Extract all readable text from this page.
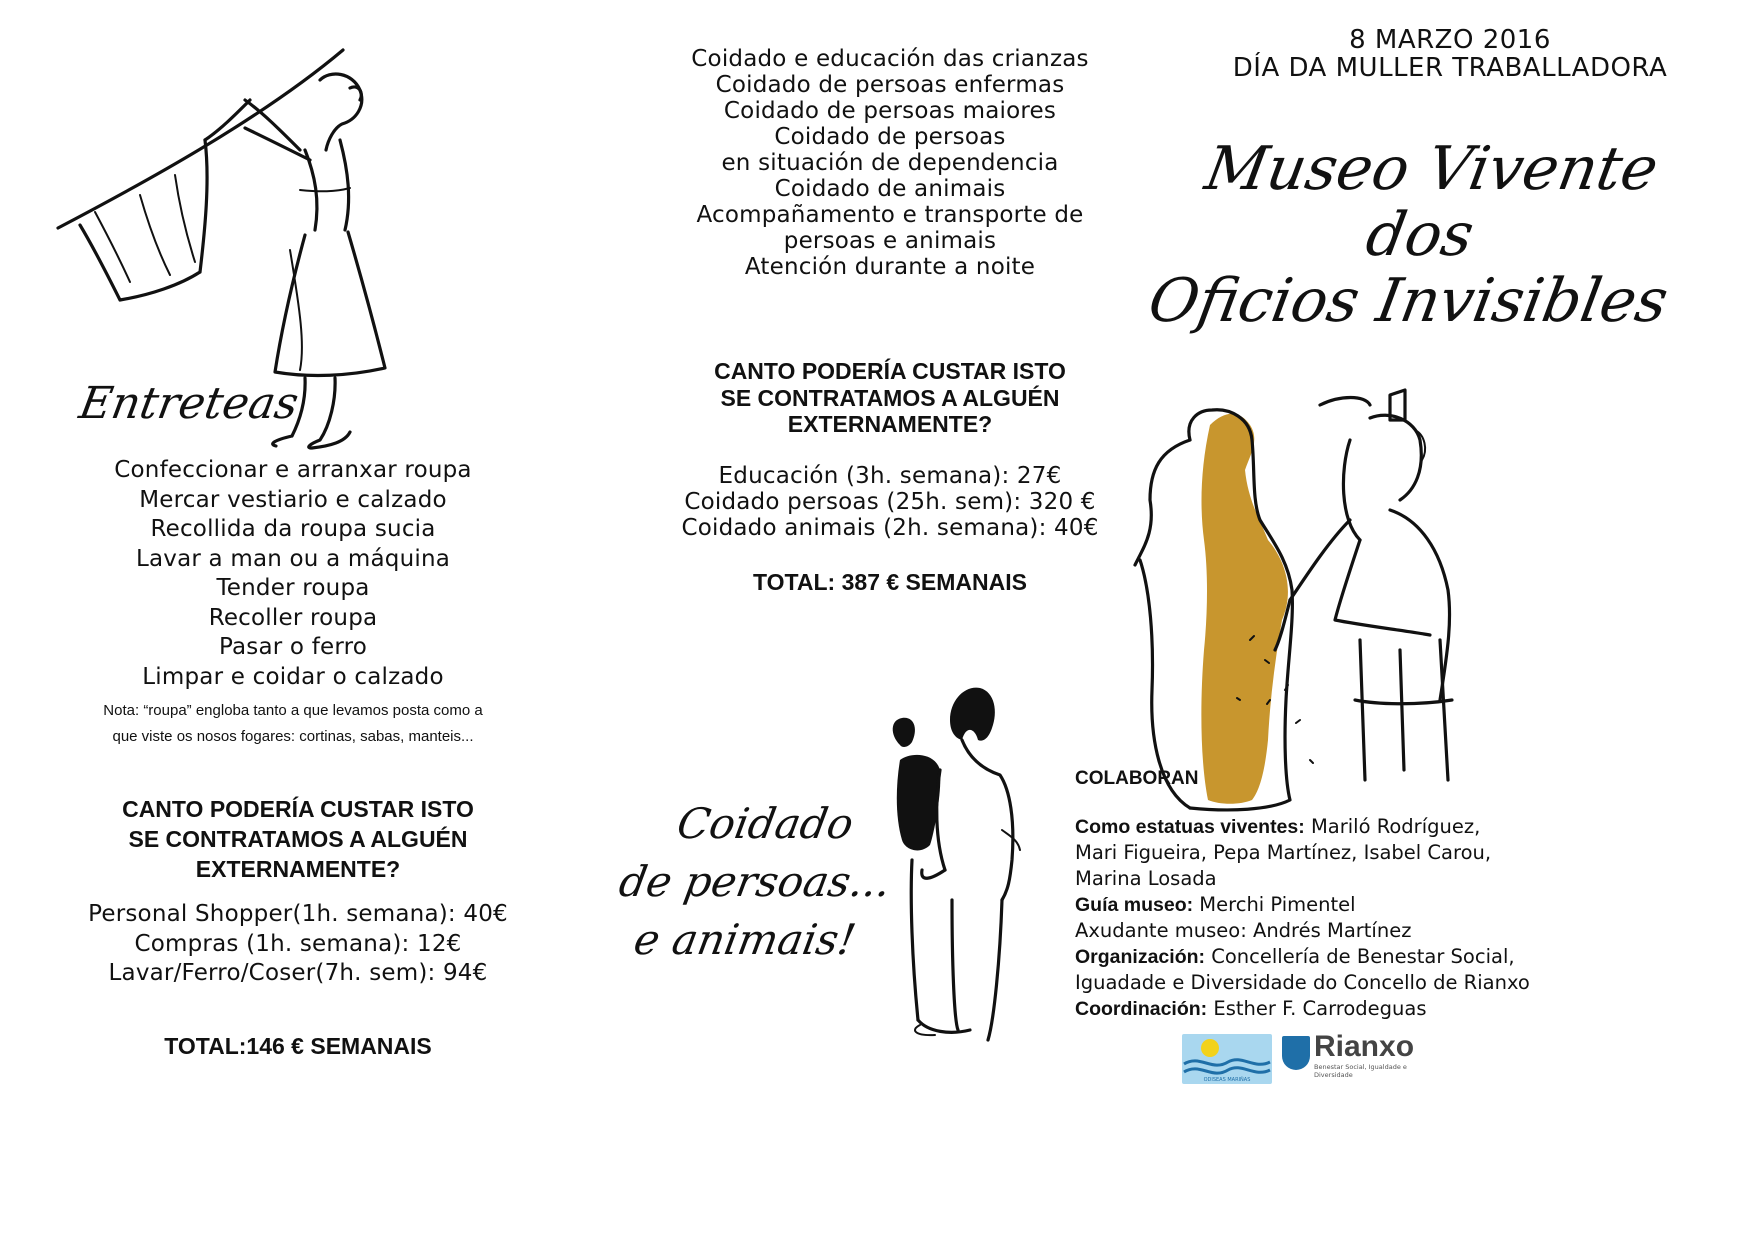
Entreteas
Confeccionar e arranxar roupa
Mercar vestiario e calzado
Recollida da roupa sucia
Lavar a man ou a máquina
Tender roupa
Recoller roupa
Pasar o ferro
Limpar e coidar o calzado
Nota: “roupa” engloba tanto a que levamos posta como a
que viste os nosos fogares: cortinas, sabas, manteis...
CANTO PODERÍA CUSTAR ISTO
SE CONTRATAMOS A ALGUÉN
EXTERNAMENTE?
Personal Shopper(1h. semana): 40€
Compras (1h. semana): 12€
Lavar/Ferro/Coser(7h. sem): 94€
TOTAL:146 € SEMANAIS
Coidado e educación das crianzas
Coidado de persoas enfermas
Coidado de persoas maiores
Coidado de persoas
en situación de dependencia
Coidado de animais
Acompañamento e transporte de
persoas e animais
Atención durante a noite
CANTO PODERÍA CUSTAR ISTO
SE CONTRATAMOS A ALGUÉN
EXTERNAMENTE?
Educación (3h. semana): 27€
Coidado persoas (25h. sem): 320 €
Coidado animais (2h. semana): 40€
TOTAL: 387 € SEMANAIS
Coidado
de persoas...
e animais!
8 MARZO 2016
DÍA DA MULLER TRABALLADORA
Museo Vivente
dos
Oficios Invisibles
COLABORAN
Como estatuas viventes: Mariló Rodríguez,
Mari Figueira, Pepa Martínez, Isabel Carou,
Marina Losada
Guía museo: Merchi Pimentel
Axudante museo: Andrés Martínez
Organización: Concellería de Benestar Social,
Iguadade e Diversidade do Concello de Rianxo
Coordinación: Esther F. Carrodeguas
ODISEAS MARIÑAS
Rianxo
Benestar Social, Igualdade e Diversidade
